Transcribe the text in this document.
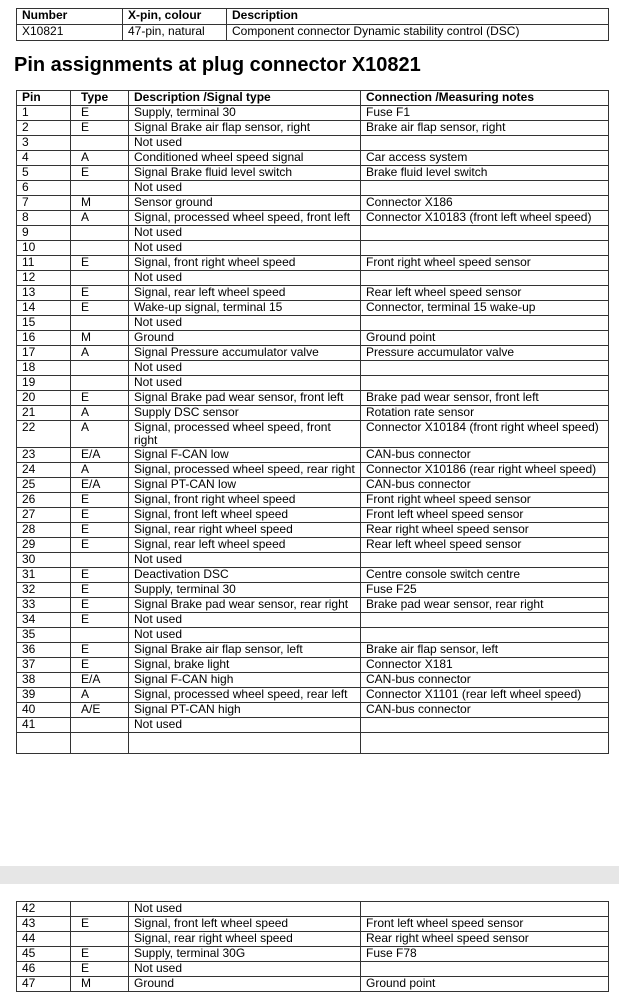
Number	X-pin, colour	Description
X10821	47-pin, natural	Component connector Dynamic stability control (DSC)
Pin assignments at plug connector X10821
Pin	Type	Description /Signal type	Connection /Measuring notes
1	E	Supply, terminal 30	Fuse F1
2	E	Signal Brake air flap sensor, right	Brake air flap sensor, right
3		Not used	
4	A	Conditioned wheel speed signal	Car access system
5	E	Signal Brake fluid level switch	Brake fluid level switch
6		Not used	
7	M	Sensor ground	Connector X186
8	A	Signal, processed wheel speed, front left	Connector X10183 (front left wheel speed)
9		Not used	
10		Not used	
11	E	Signal, front right wheel speed	Front right wheel speed sensor
12		Not used	
13	E	Signal, rear left wheel speed	Rear left wheel speed sensor
14	E	Wake-up signal, terminal 15	Connector, terminal 15 wake-up
15		Not used	
16	M	Ground	Ground point
17	A	Signal Pressure accumulator valve	Pressure accumulator valve
18		Not used	
19		Not used	
20	E	Signal Brake pad wear sensor, front left	Brake pad wear sensor, front left
21	A	Supply DSC sensor	Rotation rate sensor
22	A	Signal, processed wheel speed, front right	Connector X10184 (front right wheel speed)
23	E/A	Signal F-CAN low	CAN-bus connector
24	A	Signal, processed wheel speed, rear right	Connector X10186 (rear right wheel speed)
25	E/A	Signal PT-CAN low	CAN-bus connector
26	E	Signal, front right wheel speed	Front right wheel speed sensor
27	E	Signal, front left wheel speed	Front left wheel speed sensor
28	E	Signal, rear right wheel speed	Rear right wheel speed sensor
29	E	Signal, rear left wheel speed	Rear left wheel speed sensor
30		Not used	
31	E	Deactivation DSC	Centre console switch centre
32	E	Supply, terminal 30	Fuse F25
33	E	Signal Brake pad wear sensor, rear right	Brake pad wear sensor, rear right
34	E	Not used	
35		Not used	
36	E	Signal Brake air flap sensor, left	Brake air flap sensor, left
37	E	Signal, brake light	Connector X181
38	E/A	Signal F-CAN high	CAN-bus connector
39	A	Signal, processed wheel speed, rear left	Connector X1101 (rear left wheel speed)
40	A/E	Signal PT-CAN high	CAN-bus connector
41		Not used	

42		Not used	
43	E	Signal, front left wheel speed	Front left wheel speed sensor
44		Signal, rear right wheel speed	Rear right wheel speed sensor
45	E	Supply, terminal 30G	Fuse F78
46	E	Not used	
47	M	Ground	Ground point
